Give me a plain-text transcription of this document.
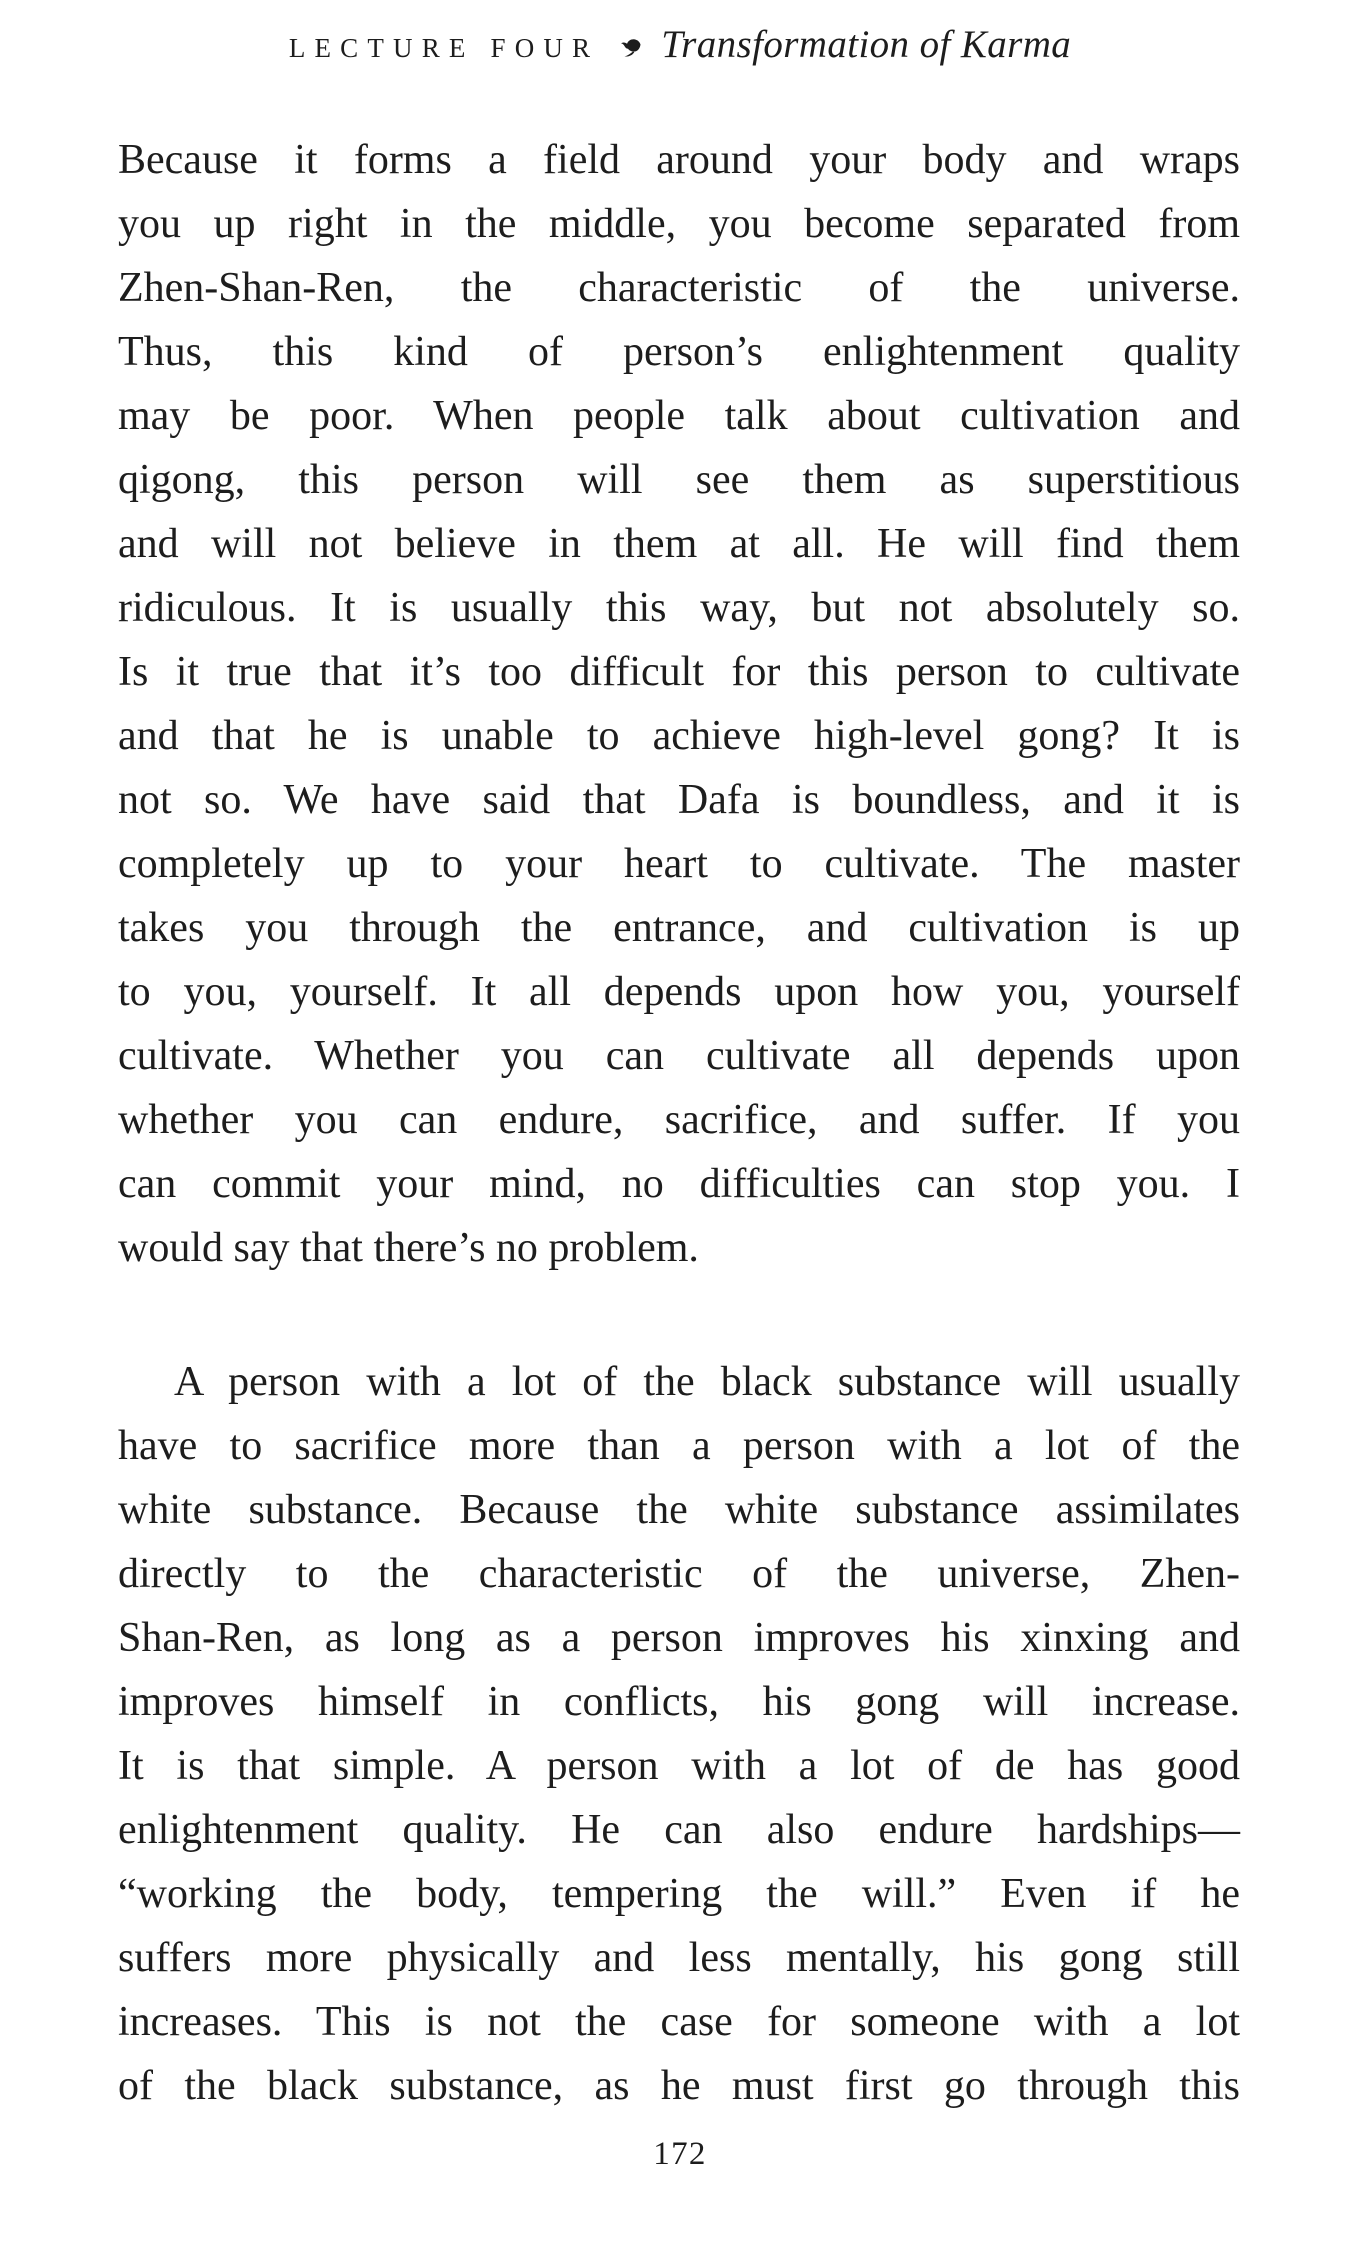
LECTURE FOUR Transformation of Karma
Because it forms a field around your body and wraps
you up right in the middle, you become separated from
Zhen-Shan-Ren, the characteristic of the universe.
Thus, this kind of person’s enlightenment quality
may be poor. When people talk about cultivation and
qigong, this person will see them as superstitious
and will not believe in them at all. He will find them
ridiculous. It is usually this way, but not absolutely so.
Is it true that it’s too difficult for this person to cultivate
and that he is unable to achieve high-level gong? It is
not so. We have said that Dafa is boundless, and it is
completely up to your heart to cultivate. The master
takes you through the entrance, and cultivation is up
to you, yourself. It all depends upon how you, yourself
cultivate. Whether you can cultivate all depends upon
whether you can endure, sacrifice, and suffer. If you
can commit your mind, no difficulties can stop you. I
would say that there’s no problem.
A person with a lot of the black substance will usually
have to sacrifice more than a person with a lot of the
white substance. Because the white substance assimilates
directly to the characteristic of the universe, Zhen-
Shan-Ren, as long as a person improves his xinxing and
improves himself in conflicts, his gong will increase.
It is that simple. A person with a lot of de has good
enlightenment quality. He can also endure hardships—
“working the body, tempering the will.” Even if he
suffers more physically and less mentally, his gong still
increases. This is not the case for someone with a lot
of the black substance, as he must first go through this
172
